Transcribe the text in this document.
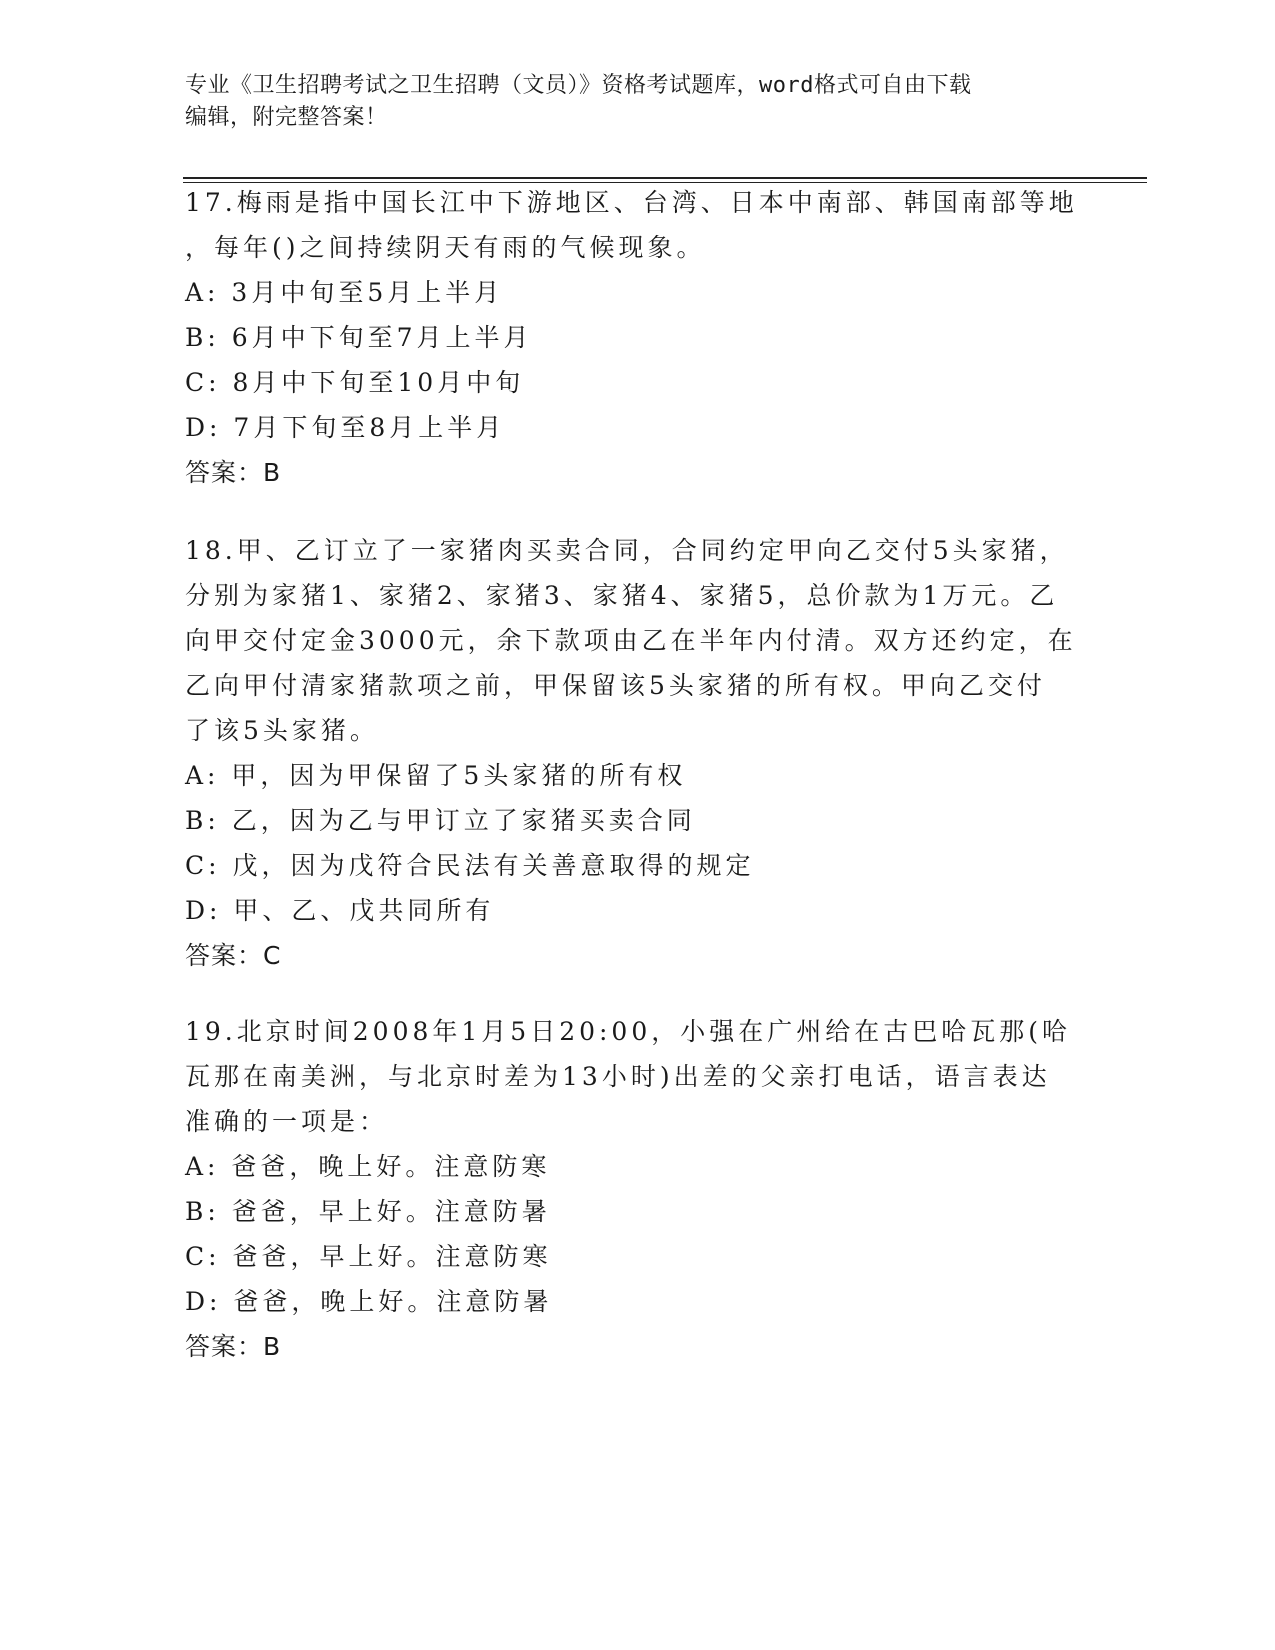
专业《卫生招聘考试之卫生招聘（文员）》资格考试题库，word格式可自由下载
编辑，附完整答案！
17.梅雨是指中国长江中下游地区、台湾、日本中南部、韩国南部等地
，每年()之间持续阴天有雨的气候现象。
A: 3月中旬至5月上半月
B: 6月中下旬至7月上半月
C: 8月中下旬至10月中旬
D: 7月下旬至8月上半月
答案：B
18.甲、乙订立了一家猪肉买卖合同，合同约定甲向乙交付5头家猪，
分别为家猪1、家猪2、家猪3、家猪4、家猪5，总价款为1万元。乙
向甲交付定金3000元，余下款项由乙在半年内付清。双方还约定，在
乙向甲付清家猪款项之前，甲保留该5头家猪的所有权。甲向乙交付
了该5头家猪。
A: 甲，因为甲保留了5头家猪的所有权
B: 乙，因为乙与甲订立了家猪买卖合同
C: 戊，因为戊符合民法有关善意取得的规定
D: 甲、乙、戊共同所有
答案：C
19.北京时间2008年1月5日20:00，小强在广州给在古巴哈瓦那(哈
瓦那在南美洲，与北京时差为13小时)出差的父亲打电话，语言表达
准确的一项是：
A: 爸爸，晚上好。注意防寒
B: 爸爸，早上好。注意防暑
C: 爸爸，早上好。注意防寒
D: 爸爸，晚上好。注意防暑
答案：B
